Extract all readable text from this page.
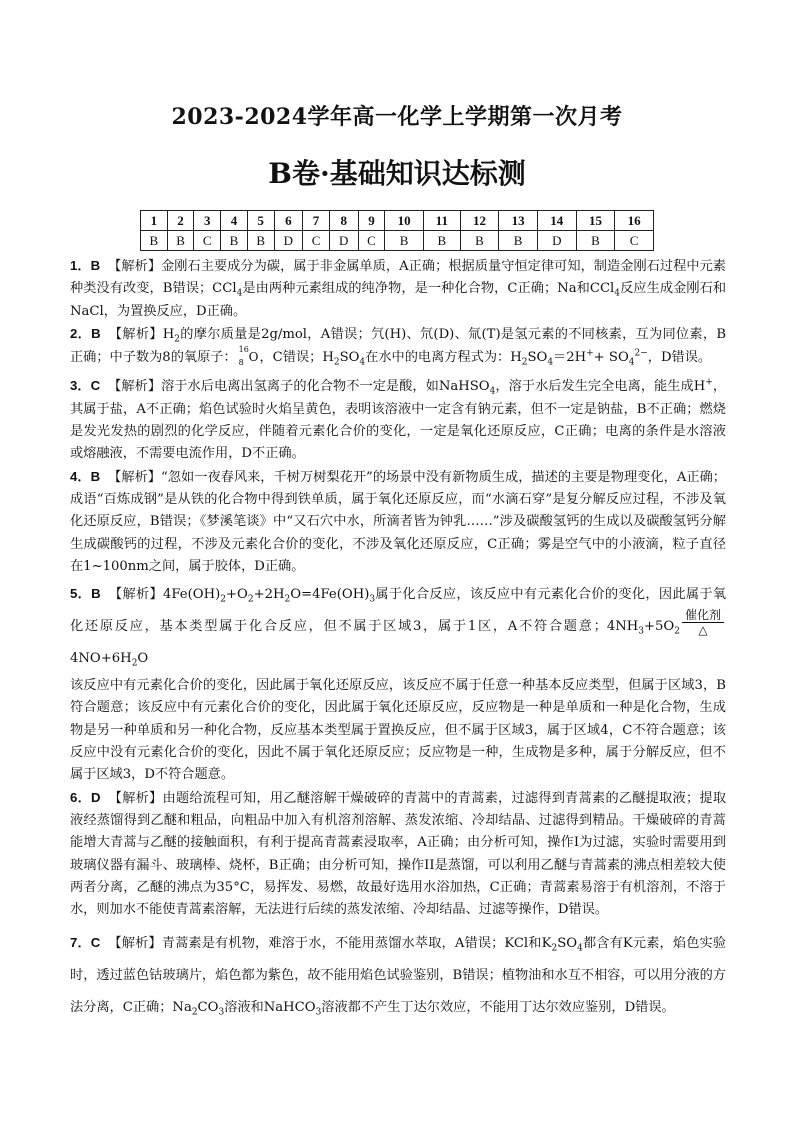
2023-2024学年高一化学上学期第一次月考
B卷·基础知识达标测
1	2	3	4	5	6	7	8	9	10	11	12	13	14	15	16
B	B	C	B	B	D	C	D	C	B	B	B	B	D	B	C

1．B 【解析】金刚石主要成分为碳，属于非金属单质，A正确；根据质量守恒定律可知，制造金刚石过程中元素种类没有改变，B错误；CCl$_4$是由两种元素组成的纯净物，是一种化合物，C正确；Na和CCl$_4$反应生成金刚石和NaCl，为置换反应，D正确。

2．B 【解析】$H_2$的摩尔质量是2g/mol，A错误；氕(H)、氘(D)、氚(T)是氢元素的不同核素，互为同位素，B正确；中子数为8的氧原子：
16
8 O，C错误；$H_2SO_4$在水中的电离方程式为：$H_2SO_4=2H^++ SO_4^{2-}$，D错误。

3．C 【解析】溶于水后电离出氢离子的化合物不一定是酸，如NaHSO$_4$，溶于水后发生完全电离，能生成H+，其属于盐，A不正确；焰色试验时火焰呈黄色，表明该溶液中一定含有钠元素，但不一定是钠盐，B不正确；燃烧是发光发热的剧烈的化学反应，伴随着元素化合价的变化，一定是氧化还原反应，C正确；电离的条件是水溶液或熔融液，不需要电流作用，D不正确。

4．B 【解析】“忽如一夜春风来，千树万树梨花开”的场景中没有新物质生成，描述的主要是物理变化，A正确；成语“百炼成钢”是从铁的化合物中得到铁单质，属于氧化还原反应，而“水滴石穿”是复分解反应过程，不涉及氧化还原反应，B错误；《梦溪笔谈》中“又石穴中水，所滴者皆为钟乳……”涉及碳酸氢钙的生成以及碳酸氢钙分解生成碳酸钙的过程，不涉及元素化合价的变化，不涉及氧化还原反应，C正确；雾是空气中的小液滴，粒子直径在1~100nm之间，属于胶体，D正确。

5．B 【解析】$4Fe(OH)_2+O_2+2H_2O=4Fe(OH)_3$属于化合反应，该反应中有元素化合价的变化，因此属于氧化还原反应，基本类型属于化合反应，但不属于区域3，属于1区，A不符合题意；$4NH_3+5O_2$
催化剂
△
$4NO+6H_2O$

该反应中有元素化合价的变化，因此属于氧化还原反应，该反应不属于任意一种基本反应类型，但属于区域3，B符合题意；该反应中有元素化合价的变化，因此属于氧化还原反应，反应物是一种是单质和一种是化合物，生成物是另一种单质和另一种化合物，反应基本类型属于置换反应，但不属于区域3，属于区域4，C不符合题意；该反应中没有元素化合价的变化，因此不属于氧化还原反应；反应物是一种，生成物是多种，属于分解反应，但不属于区域3，D不符合题意。

6．D 【解析】由题给流程可知，用乙醚溶解干燥破碎的青蒿中的青蒿素，过滤得到青蒿素的乙醚提取液；提取液经蒸馏得到乙醚和粗品，向粗品中加入有机溶剂溶解、蒸发浓缩、冷却结晶、过滤得到精品。干燥破碎的青蒿能增大青蒿与乙醚的接触面积，有利于提高青蒿素浸取率，A正确；由分析可知，操作I为过滤，实验时需要用到玻璃仪器有漏斗、玻璃棒、烧杯，B正确；由分析可知，操作II是蒸馏，可以利用乙醚与青蒿素的沸点相差较大使两者分离，乙醚的沸点为35°C，易挥发、易燃，故最好选用水浴加热，C正确；青蒿素易溶于有机溶剂，不溶于水，则加水不能使青蒿素溶解，无法进行后续的蒸发浓缩、冷却结晶、过滤等操作，D错误。

7．C 【解析】青蒿素是有机物，难溶于水，不能用蒸馏水萃取，A错误；KCl和$K_2SO_4$都含有K元素，焰色实验时，透过蓝色钴玻璃片，焰色都为紫色，故不能用焰色试验鉴别，B错误；植物油和水互不相容，可以用分液的方法分离，C正确；$Na_2CO_3$溶液和NaHCO$_3$溶液都不产生丁达尔效应，不能用丁达尔效应鉴别，D错误。
